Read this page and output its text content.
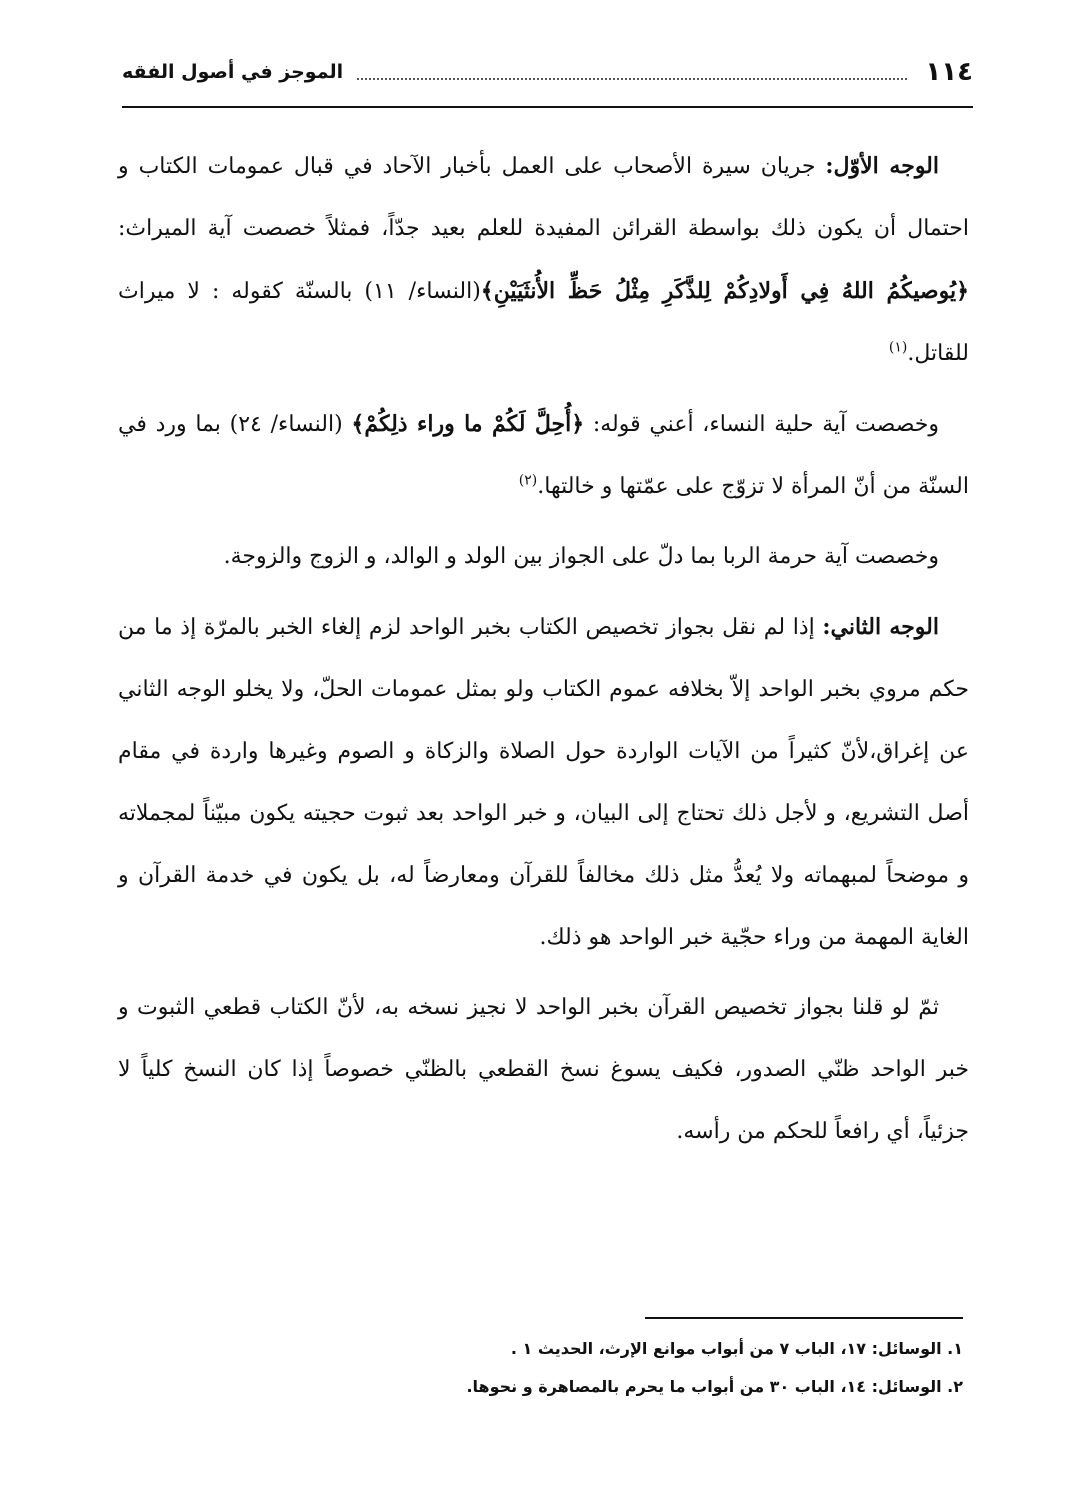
١١٤
الموجز في أصول الفقه

الوجه الأوّل: جريان سيرة الأصحاب على العمل بأخبار الآحاد في قبال عمومات الكتاب و احتمال أن يكون ذلك بواسطة القرائن المفيدة للعلم بعيد جدّاً، فمثلاً خصصت آية الميراث: ﴿يُوصيكُمُ اللهُ فِي أَولادِكُمْ لِلذَّكَرِ مِثْلُ حَظِّ الأُنثَيَيْنِ﴾(النساء/ ١١) بالسنّة كقوله : لا ميراث للقاتل.$^{(١)}$

وخصصت آية حلية النساء، أعني قوله: ﴿أُحِلَّ لَكُمْ ما وراء ذلِكُمْ﴾ (النساء/ ٢٤) بما ورد في السنّة من أنّ المرأة لا تزوّج على عمّتها و خالتها.$^{(٢)}$

وخصصت آية حرمة الربا بما دلّ على الجواز بين الولد و الوالد، و الزوج والزوجة.

الوجه الثاني: إذا لم نقل بجواز تخصيص الكتاب بخبر الواحد لزم إلغاء الخبر بالمرّة إذ ما من حكم مروي بخبر الواحد إلاّ بخلافه عموم الكتاب ولو بمثل عمومات الحلّ، ولا يخلو الوجه الثاني عن إغراق،لأنّ كثيراً من الآيات الواردة حول الصلاة والزكاة و الصوم وغيرها واردة في مقام أصل التشريع، و لأجل ذلك تحتاج إلى البيان، و خبر الواحد بعد ثبوت حجيته يكون مبيّناً لمجملاته و موضحاً لمبهماته ولا يُعدُّ مثل ذلك مخالفاً للقرآن ومعارضاً له، بل يكون في خدمة القرآن و الغاية المهمة من وراء حجّية خبر الواحد هو ذلك.

ثمّ لو قلنا بجواز تخصيص القرآن بخبر الواحد لا نجيز نسخه به، لأنّ الكتاب قطعي الثبوت و خبر الواحد ظنّي الصدور، فكيف يسوغ نسخ القطعي بالظنّي خصوصاً إذا كان النسخ كلياً لا جزئياً، أي رافعاً للحكم من رأسه.

١. الوسائل: ١٧، الباب ٧ من أبواب موانع الإرث، الحديث ١ .

٢. الوسائل: ١٤، الباب ٣٠ من أبواب ما يحرم بالمصاهرة و نحوها.
